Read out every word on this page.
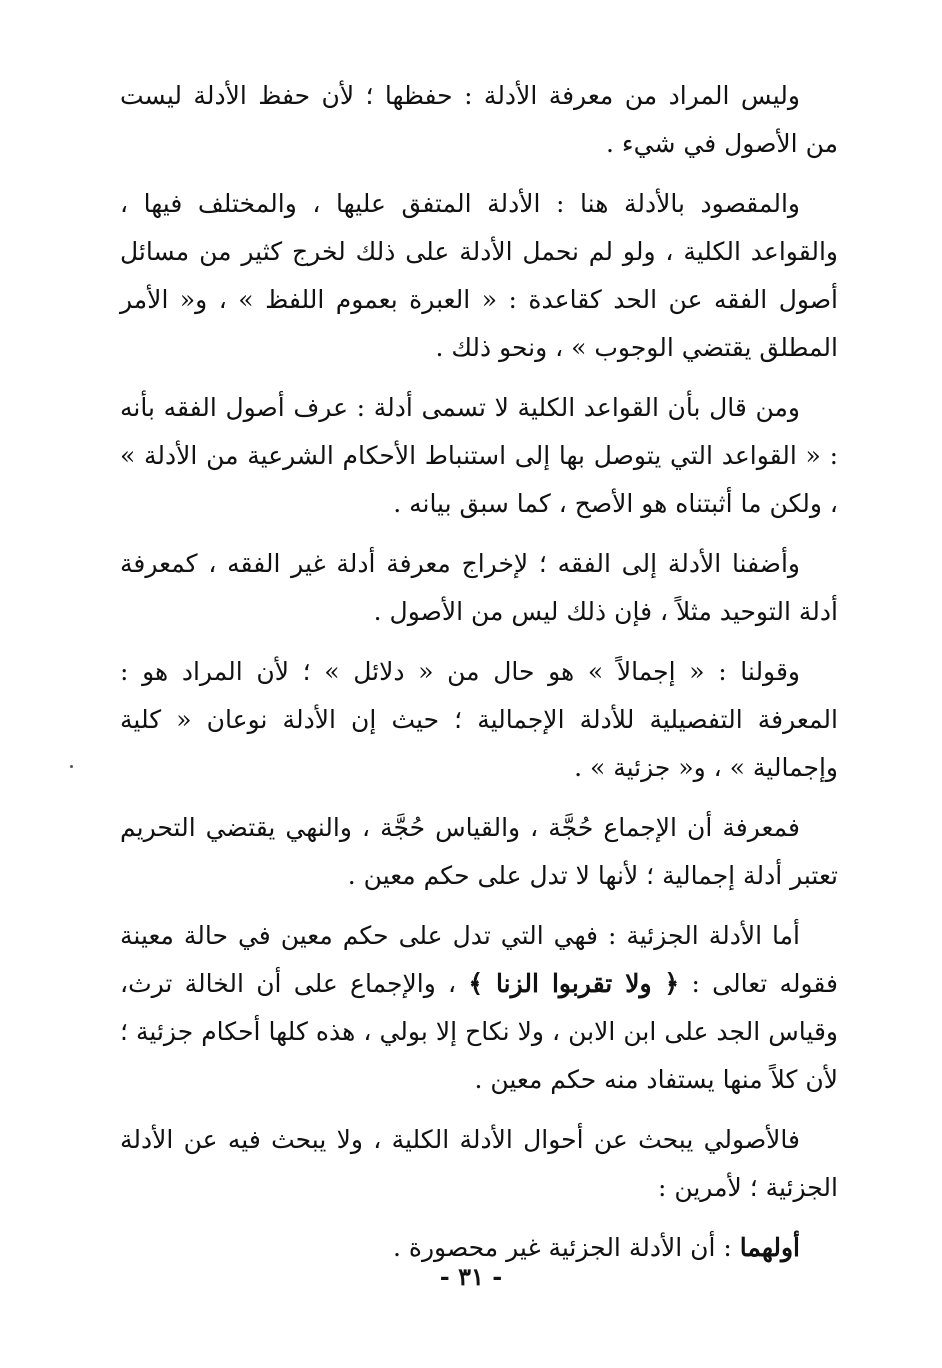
وليس المراد من معرفة الأدلة : حفظها ؛ لأن حفظ الأدلة ليست من الأصول في شيء .

والمقصود بالأدلة هنا : الأدلة المتفق عليها ، والمختلف فيها ، والقواعد الكلية ، ولو لم نحمل الأدلة على ذلك لخرج كثير من مسائل أصول الفقه عن الحد كقاعدة : « العبرة بعموم اللفظ » ، و« الأمر المطلق يقتضي الوجوب » ، ونحو ذلك .

ومن قال بأن القواعد الكلية لا تسمى أدلة : عرف أصول الفقه بأنه : « القواعد التي يتوصل بها إلى استنباط الأحكام الشرعية من الأدلة » ، ولكن ما أثبتناه هو الأصح ، كما سبق بيانه .

وأضفنا الأدلة إلى الفقه ؛ لإخراج معرفة أدلة غير الفقه ، كمعرفة أدلة التوحيد مثلاً ، فإن ذلك ليس من الأصول .

وقولنا : « إجمالاً » هو حال من « دلائل » ؛ لأن المراد هو : المعرفة التفصيلية للأدلة الإجمالية ؛ حيث إن الأدلة نوعان « كلية وإجمالية » ، و« جزئية » .

فمعرفة أن الإجماع حُجَّة ، والقياس حُجَّة ، والنهي يقتضي التحريم تعتبر أدلة إجمالية ؛ لأنها لا تدل على حكم معين .

أما الأدلة الجزئية : فهي التي تدل على حكم معين في حالة معينة فقوله تعالى : ﴿ ولا تقربوا الزنا ﴾ ، والإجماع على أن الخالة ترث، وقياس الجد على ابن الابن ، ولا نكاح إلا بولي ، هذه كلها أحكام جزئية ؛ لأن كلاً منها يستفاد منه حكم معين .

فالأصولي يبحث عن أحوال الأدلة الكلية ، ولا يبحث فيه عن الأدلة الجزئية ؛ لأمرين :

أولهما : أن الأدلة الجزئية غير محصورة .

- ٣١ -
